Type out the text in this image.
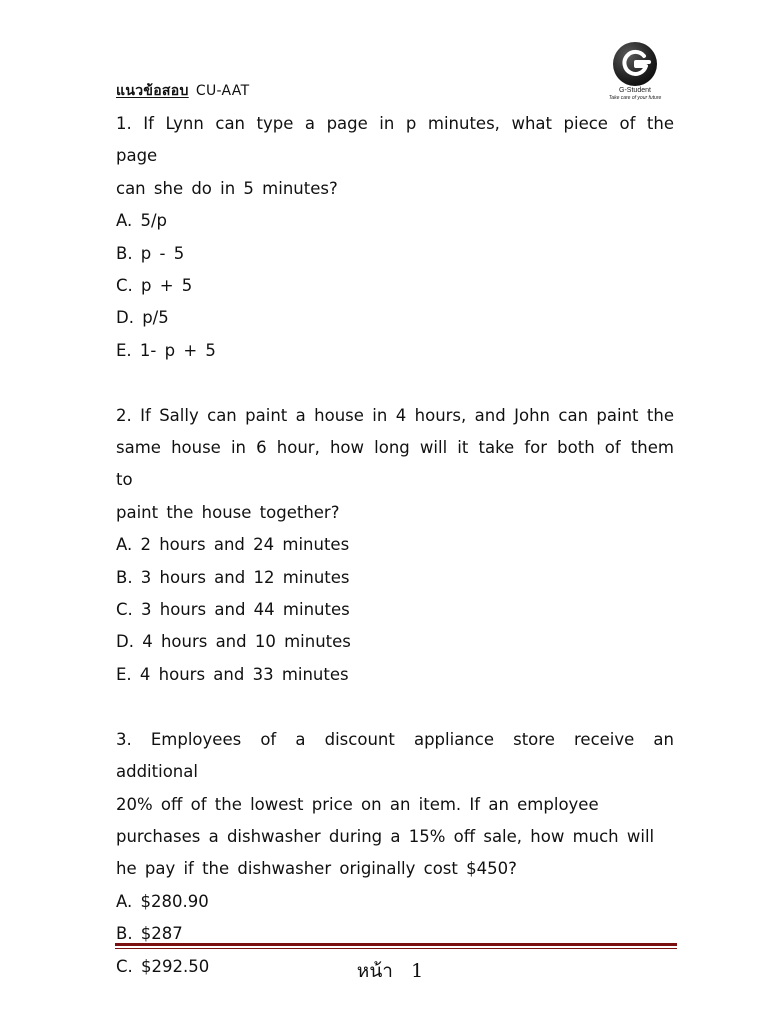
แนวข้อสอบ CU-AAT	G-Student
Take care of your future

1. If Lynn can type a page in p minutes, what piece of the page

can she do in 5 minutes?

A. 5/p

B. p - 5

C. p + 5

D. p/5

E. 1- p + 5

2. If Sally can paint a house in 4 hours, and John can paint the

same house in 6 hour, how long will it take for both of them to

paint the house together?

A. 2 hours and 24 minutes

B. 3 hours and 12 minutes

C. 3 hours and 44 minutes

D. 4 hours and 10 minutes

E. 4 hours and 33 minutes

3. Employees of a discount appliance store receive an additional

20% off of the lowest price on an item. If an employee

purchases a dishwasher during a 15% off sale, how much will

he pay if the dishwasher originally cost $450?

A. $280.90

B. $287

C. $292.50	หน้า 1
